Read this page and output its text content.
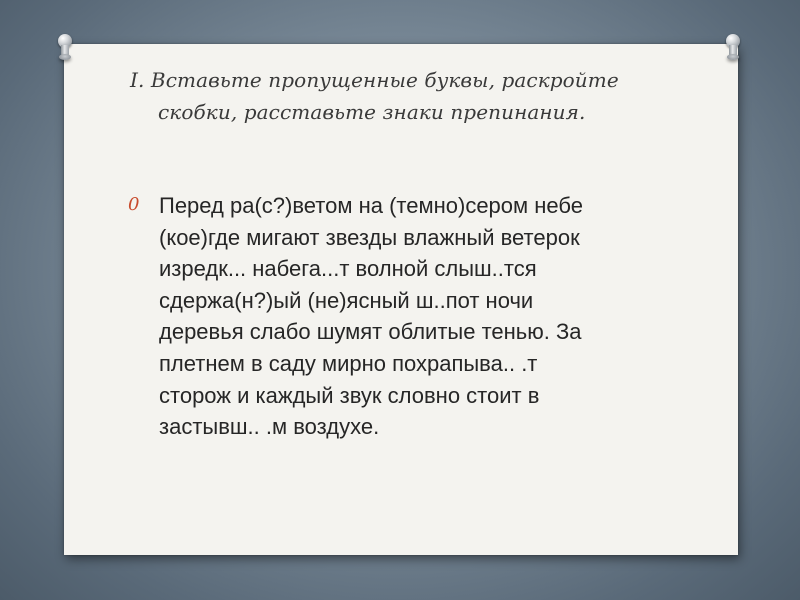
I. Вставьте пропущенные буквы, раскройте
скобки, расставьте знаки препинания.
0 Перед ра(с?)ветом на (темно)сером небе
(кое)где мигают звезды влажный ветерок
изредк... набега...т волной слыш..тся
сдержа(н?)ый (не)ясный ш..пот ночи
деревья слабо шумят облитые тенью. За
плетнем в саду мирно похрапыва.. .т
сторож и каждый звук словно стоит в
застывш.. .м воздухе.
